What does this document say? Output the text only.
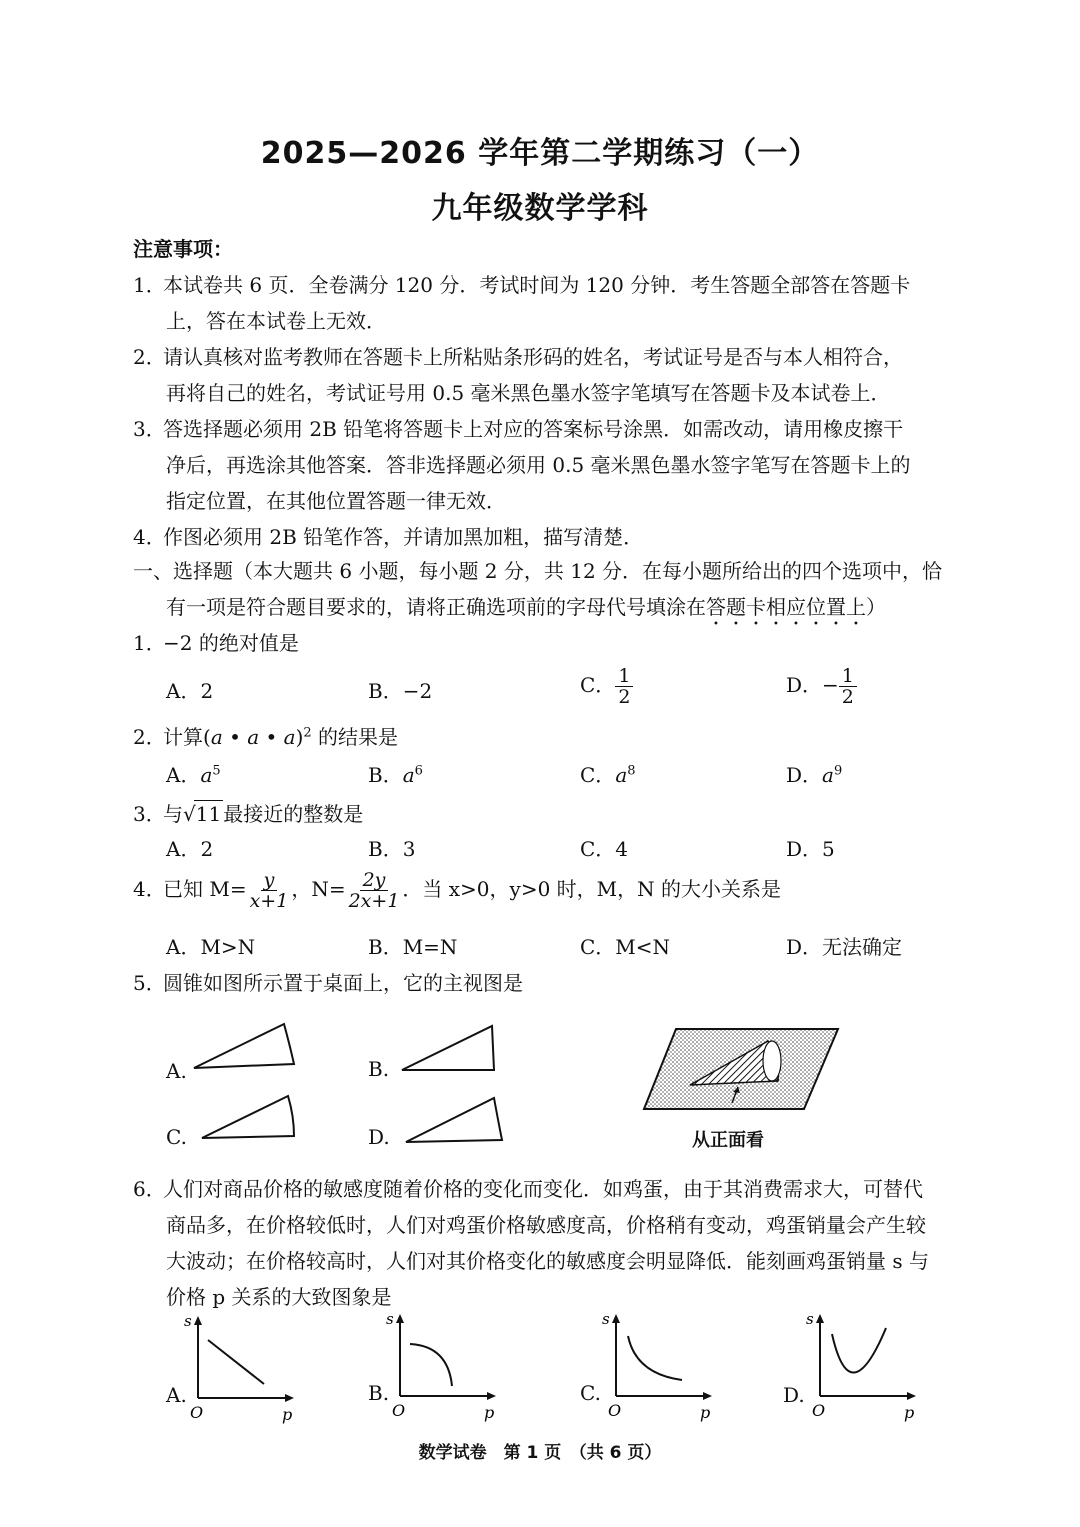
2025—2026 学年第二学期练习（一）
九年级数学学科
注意事项：
1．本试卷共 6 页．全卷满分 120 分．考试时间为 120 分钟．考生答题全部答在答题卡
上，答在本试卷上无效．
2．请认真核对监考教师在答题卡上所粘贴条形码的姓名，考试证号是否与本人相符合，
再将自己的姓名，考试证号用 0.5 毫米黑色墨水签字笔填写在答题卡及本试卷上．
3．答选择题必须用 2B 铅笔将答题卡上对应的答案标号涂黑．如需改动，请用橡皮擦干
净后，再选涂其他答案．答非选择题必须用 0.5 毫米黑色墨水签字笔写在答题卡上的
指定位置，在其他位置答题一律无效．
4．作图必须用 2B 铅笔作答，并请加黑加粗，描写清楚．
一、选择题（本大题共 6 小题，每小题 2 分，共 12 分．在每小题所给出的四个选项中，恰
有一项是符合题目要求的，请将正确选项前的字母代号填涂在答题卡相应位置上）
1．−2 的绝对值是
A．2	B．−2	C． $\frac{1}{2}$	D．− $\frac{1}{2}$
2．计算(a • a • a)$^2$ 的结果是
A．$a^5$	B．$a^6$	C．$a^8$	D．$a^9$
3．与√11 最接近的整数是
A．2	B．3	C．4	D．5
4．已知 $M= \frac{y}{x+1}$ ，$N= \frac{2y}{2x+1}$ ．当 x>0，y>0 时，M，N 的大小关系是
A．M>N	B．M=N	C．M<N	D．无法确定
5．圆锥如图所示置于桌面上，它的主视图是
A.	B.
C.	D.	从正面看
6．人们对商品价格的敏感度随着价格的变化而变化．如鸡蛋，由于其消费需求大，可替代
商品多，在价格较低时，人们对鸡蛋价格敏感度高，价格稍有变动，鸡蛋销量会产生较
大波动；在价格较高时，人们对其价格变化的敏感度会明显降低．能刻画鸡蛋销量 s 与
价格 p 关系的大致图象是
A.
s
O	p
B.
s
O	p
C.
s
O	p
D.
s
O	p
数学试卷　第 1 页　（共 6 页）
